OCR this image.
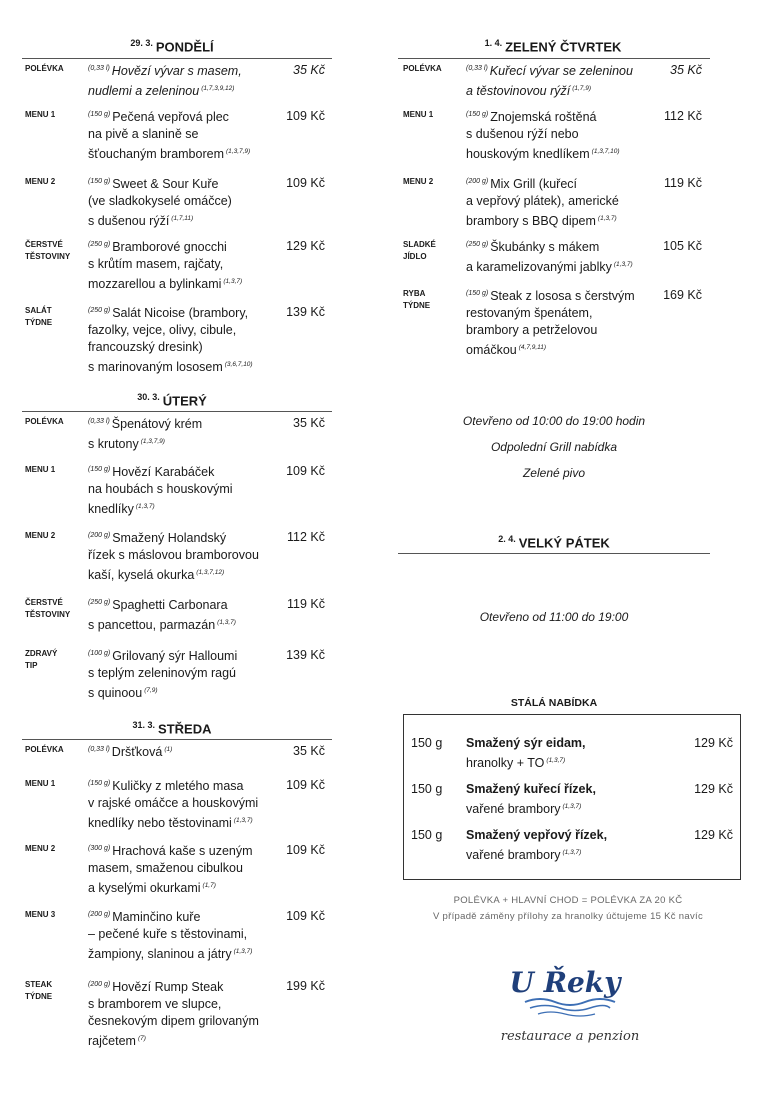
$^{29. 3.}$ PONDĚLÍ
$^{30. 3.}$ ÚTERÝ
$^{31. 3.}$ STŘEDA
$^{1. 4.}$ ZELENÝ ČTVRTEK
Otevřeno od 10:00 do 19:00 hodin
Odpolední Grill nabídka
Zelené pivo
$^{2. 4.}$ VELKÝ PÁTEK
Otevřeno od 11:00 do 19:00
STÁLÁ NABÍDKA
POLÉVKA + HLAVNÍ CHOD = POLÉVKA ZA 20 KČ
V případě záměny přílohy za hranolky účtujeme 15 Kč navíc
U Řeky
restaurace a penzion
POLÉVKA	$^{(0,33 l)}$ Hovězí vývar s masem,
nudlemi a zeleninou $^{(1,7,3,9,12)}$
35 Kč
MENU 1	$^{(150 g)}$ Pečená vepřová plec
na pivě a slanině se
šťouchaným bramborem $^{(1,3,7,9)}$
109 Kč
MENU 2	$^{(150 g)}$ Sweet & Sour Kuře
(ve sladkokyselé omáčce)
s dušenou rýží $^{(1,7,11)}$
109 Kč
ČERSTVÉ
TĚSTOVINY
$^{(250 g)}$ Bramborové gnocchi
s krůtím masem, rajčaty,
mozzarellou a bylinkami $^{(1,3,7)}$
129 Kč
SALÁT
TÝDNE
$^{(250 g)}$ Salát Nicoise (brambory,
fazolky, vejce, olivy, cibule,
francouzský dresink)
s marinovaným lososem $^{(3,6,7,10)}$
139 Kč
POLÉVKA	$^{(0,33 l)}$ Špenátový krém
s krutony $^{(1,3,7,9)}$
35 Kč
MENU 1	$^{(150 g)}$ Hovězí Karabáček
na houbách s houskovými
knedlíky $^{(1,3,7)}$
109 Kč
MENU 2	$^{(200 g)}$ Smažený Holandský
řízek s máslovou bramborovou
kaší, kyselá okurka $^{(1,3,7,12)}$
112 Kč
ČERSTVÉ
TĚSTOVINY
$^{(250 g)}$ Spaghetti Carbonara
s pancettou, parmazán $^{(1,3,7)}$
119 Kč
ZDRAVÝ
TIP
$^{(100 g)}$ Grilovaný sýr Halloumi
s teplým zeleninovým ragú
s quinoou $^{(7,9)}$
139 Kč
POLÉVKA	$^{(0,33 l)}$ Dršťková $^{(1)}$	35 Kč
MENU 1	$^{(150 g)}$ Kuličky z mletého masa
v rajské omáčce a houskovými
knedlíky nebo těstovinami $^{(1,3,7)}$
109 Kč
MENU 2	$^{(300 g)}$ Hrachová kaše s uzeným
masem, smaženou cibulkou
a kyselými okurkami $^{(1,7)}$
109 Kč
MENU 3	$^{(200 g)}$ Maminčino kuře
– pečené kuře s těstovinami,
žampiony, slaninou a játry $^{(1,3,7)}$
109 Kč
STEAK
TÝDNE
$^{(200 g)}$ Hovězí Rump Steak
s bramborem ve slupce,
česnekovým dipem grilovaným
rajčetem $^{(7)}$
199 Kč
POLÉVKA	$^{(0,33 l)}$ Kuřecí vývar se zeleninou
a těstovinovou rýží $^{(1,7,9)}$
35 Kč
MENU 1	$^{(150 g)}$ Znojemská roštěná
s dušenou rýží nebo
houskovým knedlíkem $^{(1,3,7,10)}$
112 Kč
MENU 2	$^{(200 g)}$ Mix Grill (kuřecí
a vepřový plátek), americké
brambory s BBQ dipem $^{(1,3,7)}$
119 Kč
SLADKÉ
JÍDLO
$^{(250 g)}$ Škubánky s mákem
a karamelizovanými jablky $^{(1,3,7)}$
105 Kč
RYBA
TÝDNE
$^{(150 g)}$ Steak z lososa s čerstvým
restovaným špenátem,
brambory a petrželovou
omáčkou $^{(4,7,9,11)}$
169 Kč
150 g Smažený sýr eidam,
hranolky + TO $^{(1,3,7)}$
129 Kč
150 g Smažený kuřecí řízek,
vařené brambory $^{(1,3,7)}$
129 Kč
150 g Smažený vepřový řízek,
vařené brambory $^{(1,3,7)}$
129 Kč
